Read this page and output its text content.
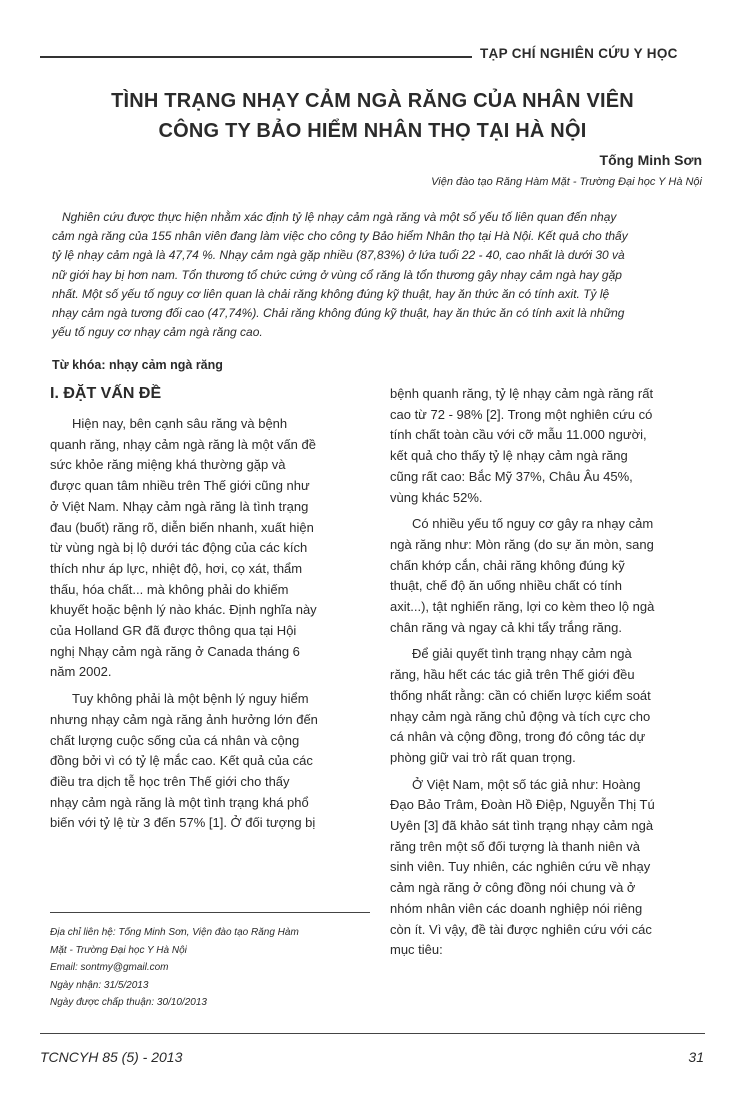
TẠP CHÍ NGHIÊN CỨU Y HỌC
TÌNH TRẠNG NHẠY CẢM NGÀ RĂNG CỦA NHÂN VIÊN
CÔNG TY BẢO HIỂM NHÂN THỌ TẠI HÀ NỘI
Tống Minh Sơn
Viện đào tạo Răng Hàm Mặt - Trường Đại học Y Hà Nội
Nghiên cứu được thực hiện nhằm xác định tỷ lệ nhạy cảm ngà răng và một số yếu tố liên quan đến nhạy
cảm ngà răng của 155 nhân viên đang làm việc cho công ty Bảo hiểm Nhân thọ tại Hà Nội. Kết quả cho thấy
tỷ lệ nhạy cảm ngà là 47,74 %. Nhạy cảm ngà gặp nhiều (87,83%) ở lứa tuổi 22 - 40, cao nhất là dưới 30 và
nữ giới hay bị hơn nam. Tổn thương tổ chức cứng ở vùng cổ răng là tổn thương gây nhạy cảm ngà hay gặp
nhất. Một số yếu tố nguy cơ liên quan là chải răng không đúng kỹ thuật, hay ăn thức ăn có tính axit. Tỷ lệ
nhạy cảm ngà tương đối cao (47,74%). Chải răng không đúng kỹ thuật, hay ăn thức ăn có tính axit là những
yếu tố nguy cơ nhạy cảm ngà răng cao.
Từ khóa: nhạy cảm ngà răng
I. ĐẶT VẤN ĐỀ
Hiện nay, bên cạnh sâu răng và bệnh
quanh răng, nhạy cảm ngà răng là một vấn đề
sức khỏe răng miệng khá thường gặp và
được quan tâm nhiều trên Thế giới cũng như
ở Việt Nam. Nhạy cảm ngà răng là tình trạng
đau (buốt) răng rõ, diễn biến nhanh, xuất hiện
từ vùng ngà bị lộ dưới tác động của các kích
thích như áp lực, nhiệt độ, hơi, cọ xát, thẩm
thấu, hóa chất... mà không phải do khiếm
khuyết hoặc bệnh lý nào khác. Định nghĩa này
của Holland GR đã được thông qua tại Hội
nghị Nhạy cảm ngà răng ở Canada tháng 6
năm 2002.
Tuy không phải là một bệnh lý nguy hiểm
nhưng nhạy cảm ngà răng ảnh hưởng lớn đến
chất lượng cuộc sống của cá nhân và cộng
đồng bởi vì có tỷ lệ mắc cao. Kết quả của các
điều tra dịch tễ học trên Thế giới cho thấy
nhạy cảm ngà răng là một tình trạng khá phổ
biến với tỷ lệ từ 3 đến 57% [1]. Ở đối tượng bị
Địa chỉ liên hệ: Tống Minh Sơn, Viện đào tạo Răng Hàm
Mặt - Trường Đại học Y Hà Nội
Email: sontmy@gmail.com
Ngày nhận: 31/5/2013
Ngày được chấp thuận: 30/10/2013
bệnh quanh răng, tỷ lệ nhạy cảm ngà răng rất
cao từ 72 - 98% [2]. Trong một nghiên cứu có
tính chất toàn cầu với cỡ mẫu 11.000 người,
kết quả cho thấy tỷ lệ nhạy cảm ngà răng
cũng rất cao: Bắc Mỹ 37%, Châu Âu 45%,
vùng khác 52%.
Có nhiều yếu tố nguy cơ gây ra nhạy cảm
ngà răng như: Mòn răng (do sự ăn mòn, sang
chấn khớp cắn, chải răng không đúng kỹ
thuật, chế độ ăn uống nhiều chất có tính
axit...), tật nghiến răng, lợi co kèm theo lộ ngà
chân răng và ngay cả khi tẩy trắng răng.
Để giải quyết tình trạng nhạy cảm ngà
răng, hầu hết các tác giả trên Thế giới đều
thống nhất rằng: cần có chiến lược kiểm soát
nhạy cảm ngà răng chủ động và tích cực cho
cá nhân và cộng đồng, trong đó công tác dự
phòng giữ vai trò rất quan trọng.
Ở Việt Nam, một số tác giả như: Hoàng
Đạo Bảo Trâm, Đoàn Hồ Điệp, Nguyễn Thị Tú
Uyên [3] đã khảo sát tình trạng nhạy cảm ngà
răng trên một số đối tượng là thanh niên và
sinh viên. Tuy nhiên, các nghiên cứu về nhạy
cảm ngà răng ở công đồng nói chung và ở
nhóm nhân viên các doanh nghiệp nói riêng
còn ít. Vì vậy, đề tài được nghiên cứu với các
mục tiêu:
TCNCYH 85 (5) - 2013	31
